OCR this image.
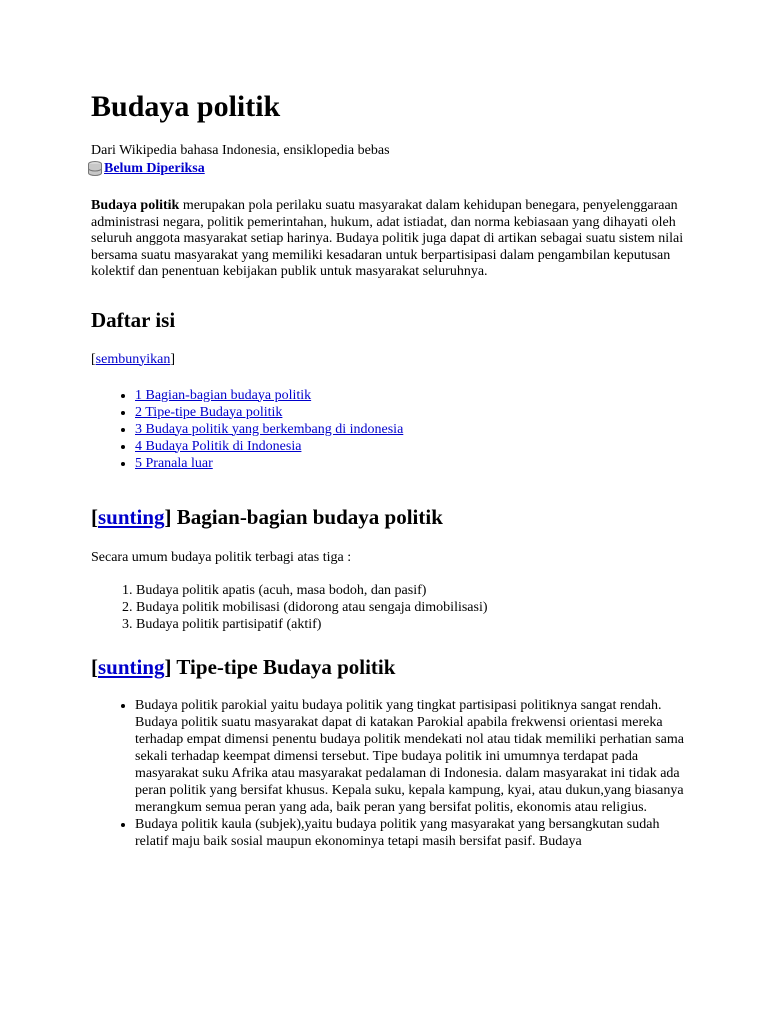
Budaya politik
Dari Wikipedia bahasa Indonesia, ensiklopedia bebas
Belum Diperiksa

Budaya politik merupakan pola perilaku suatu masyarakat dalam kehidupan benegara, penyelenggaraan administrasi negara, politik pemerintahan, hukum, adat istiadat, dan norma kebiasaan yang dihayati oleh seluruh anggota masyarakat setiap harinya. Budaya politik juga dapat di artikan sebagai suatu sistem nilai bersama suatu masyarakat yang memiliki kesadaran untuk berpartisipasi dalam pengambilan keputusan kolektif dan penentuan kebijakan publik untuk masyarakat seluruhnya.

Daftar isi
[sembunyikan]
• 1 Bagian-bagian budaya politik
• 2 Tipe-tipe Budaya politik
• 3 Budaya politik yang berkembang di indonesia
• 4 Budaya Politik di Indonesia
• 5 Pranala luar
[sunting] Bagian-bagian budaya politik

Secara umum budaya politik terbagi atas tiga :

1. Budaya politik apatis (acuh, masa bodoh, dan pasif)
2. Budaya politik mobilisasi (didorong atau sengaja dimobilisasi)
3. Budaya politik partisipatif (aktif)
[sunting] Tipe-tipe Budaya politik
• Budaya politik parokial yaitu budaya politik yang tingkat partisipasi politiknya sangat rendah. Budaya politik suatu masyarakat dapat di katakan Parokial apabila frekwensi orientasi mereka terhadap empat dimensi penentu budaya politik mendekati nol atau tidak memiliki perhatian sama sekali terhadap keempat dimensi tersebut. Tipe budaya politik ini umumnya terdapat pada masyarakat suku Afrika atau masyarakat pedalaman di Indonesia. dalam masyarakat ini tidak ada peran politik yang bersifat khusus. Kepala suku, kepala kampung, kyai, atau dukun,yang biasanya merangkum semua peran yang ada, baik peran yang bersifat politis, ekonomis atau religius.
• Budaya politik kaula (subjek),yaitu budaya politik yang masyarakat yang bersangkutan sudah relatif maju baik sosial maupun ekonominya tetapi masih bersifat pasif. Budaya
